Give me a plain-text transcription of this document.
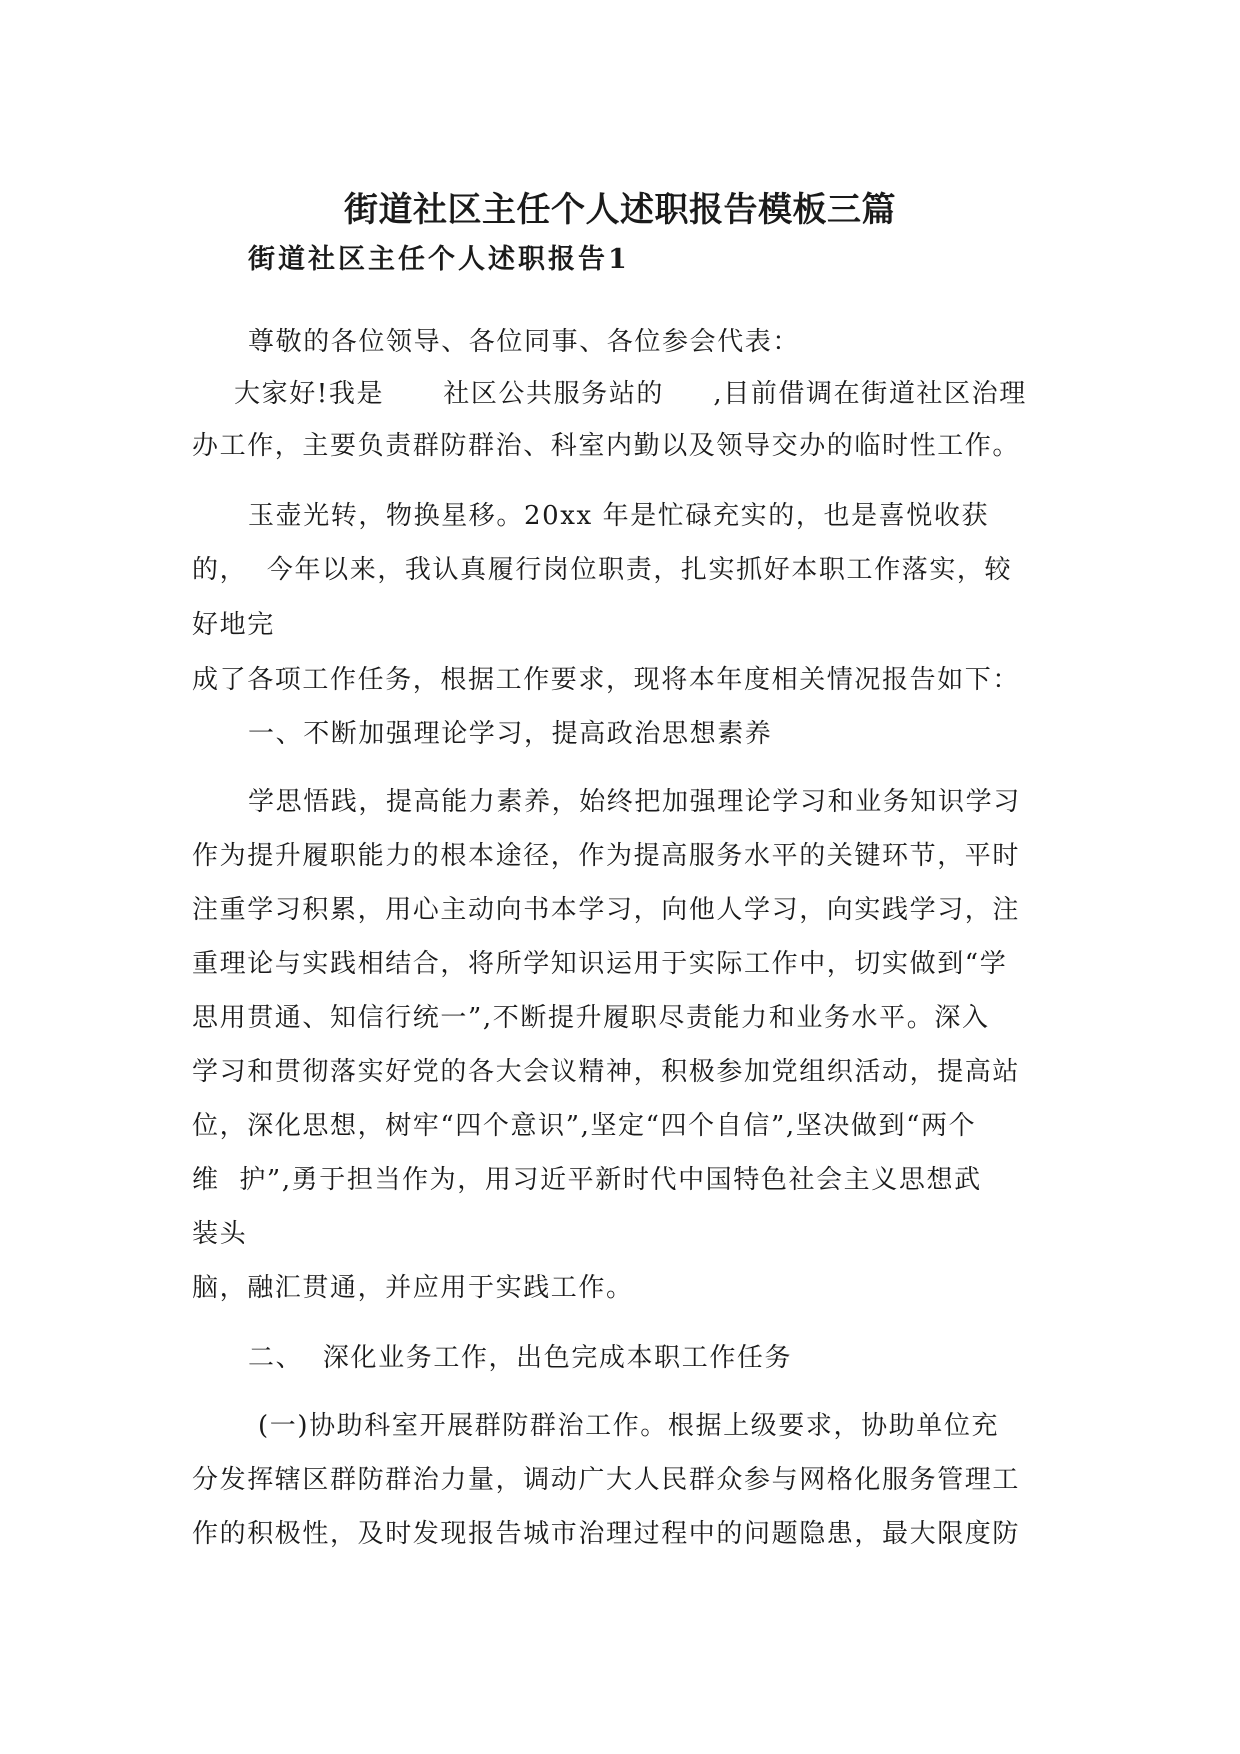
街道社区主任个人述职报告模板三篇
街道社区主任个人述职报告1
尊敬的各位领导、各位同事、各位参会代表：
大家好!我是      社区公共服务站的     ,目前借调在街道社区治理
办工作，主要负责群防群治、科室内勤以及领导交办的临时性工作。
玉壶光转，物换星移。20xx 年是忙碌充实的，也是喜悦收获
的，  今年以来，我认真履行岗位职责，扎实抓好本职工作落实，较
好地完
成了各项工作任务，根据工作要求，现将本年度相关情况报告如下：
一、不断加强理论学习，提高政治思想素养
学思悟践，提高能力素养，始终把加强理论学习和业务知识学习
作为提升履职能力的根本途径，作为提高服务水平的关键环节，平时
注重学习积累，用心主动向书本学习，向他人学习，向实践学习，注
重理论与实践相结合，将所学知识运用于实际工作中，切实做到“学
思用贯通、知信行统一”,不断提升履职尽责能力和业务水平。深入
学习和贯彻落实好党的各大会议精神，积极参加党组织活动，提高站
位，深化思想，树牢“四个意识”,坚定“四个自信”,坚决做到“两个
维  护”,勇于担当作为，用习近平新时代中国特色社会主义思想武
装头
脑，融汇贯通，并应用于实践工作。
二、  深化业务工作，出色完成本职工作任务
(一)协助科室开展群防群治工作。根据上级要求，协助单位充
分发挥辖区群防群治力量，调动广大人民群众参与网格化服务管理工
作的积极性，及时发现报告城市治理过程中的问题隐患，最大限度防
